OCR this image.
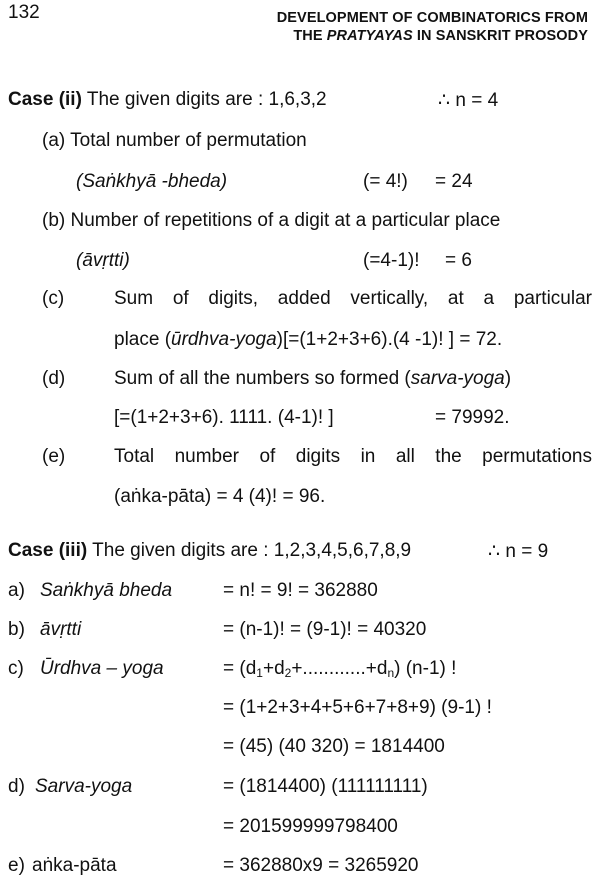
132	DEVELOPMENT OF COMBINATORICS FROM
THE PRATYAYAS IN SANSKRIT PROSODY
Case (ii) The given digits are : 1,6,3,2	∴ n = 4
(a) Total number of permutation
(Saṅkhyā -bheda)	(= 4!) = 24
(b) Number of repetitions of a digit at a particular place
(āvṛtti)	(=4-1)! = 6
(c)	Sum of digits, added vertically, at a particular
place (ūrdhva-yoga)[=(1+2+3+6).(4 -1)! ] = 72.
(d)	Sum of all the numbers so formed (sarva-yoga)
[=(1+2+3+6). 1111. (4-1)! ]	= 79992.
(e)	Total number of digits in all the permutations
(aṅka-pāta) = 4 (4)! = 96.
Case (iii) The given digits are : 1,2,3,4,5,6,7,8,9	∴ n = 9
a) Saṅkhyā bheda	= n! = 9! = 362880
b) āvṛtti	= (n-1)! = (9-1)! = 40320
c) Ūrdhva – yoga	= $(d_1+d_2+............+d_n)$ (n-1) !
= (1+2+3+4+5+6+7+8+9) (9-1) !
= (45) (40 320) = 1814400
d) Sarva-yoga	= (1814400) (111111111)
= 201599999798400
e) aṅka-pāta	= 362880x9 = 3265920
